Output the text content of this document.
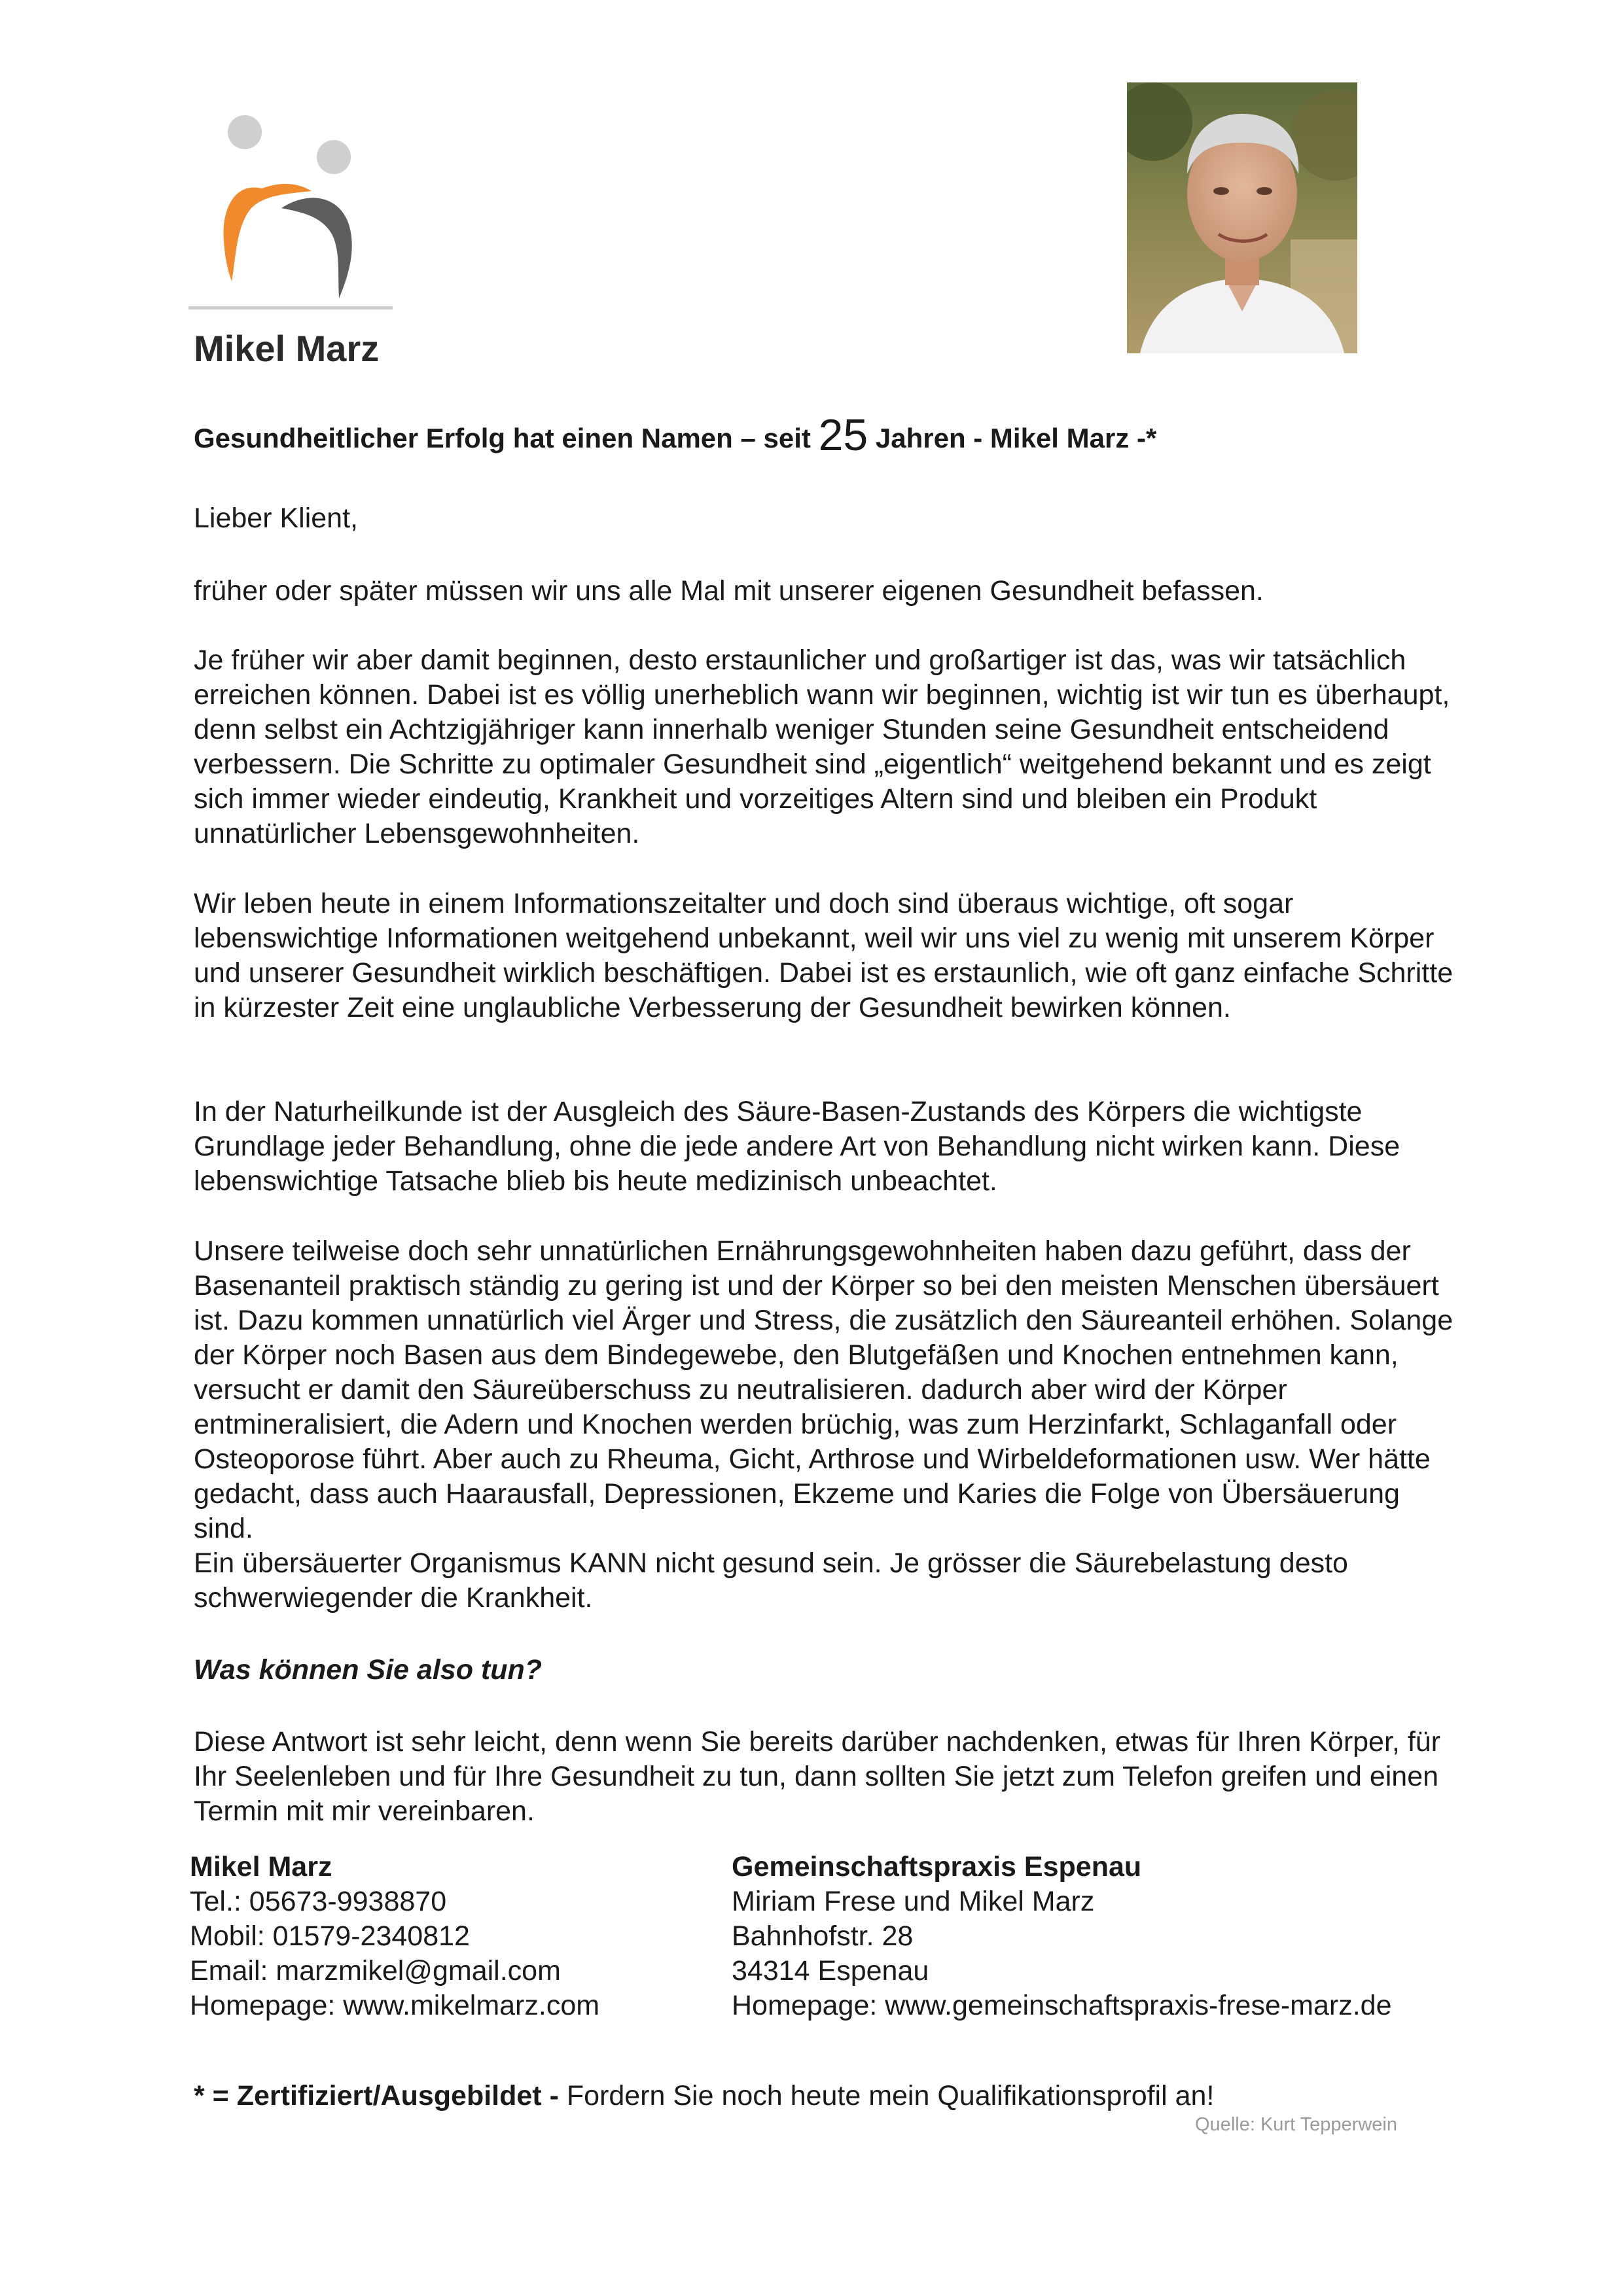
Mikel Marz
Gesundheitlicher Erfolg hat einen Namen – seit 25 Jahren - Mikel Marz -*
Lieber Klient,
früher oder später müssen wir uns alle Mal mit unserer eigenen Gesundheit befassen.
Je früher wir aber damit beginnen, desto erstaunlicher und großartiger ist das, was wir tatsächlich erreichen können. Dabei ist es völlig unerheblich wann wir beginnen, wichtig ist wir tun es überhaupt, denn selbst ein Achtzigjähriger kann innerhalb weniger Stunden seine Gesundheit entscheidend verbessern. Die Schritte zu optimaler Gesundheit sind „eigentlich“ weitgehend bekannt und es zeigt sich immer wieder eindeutig, Krankheit und vorzeitiges Altern sind und bleiben ein Produkt unnatürlicher Lebensgewohnheiten.
Wir leben heute in einem Informationszeitalter und doch sind überaus wichtige, oft sogar lebenswichtige Informationen weitgehend unbekannt, weil wir uns viel zu wenig mit unserem Körper und unserer Gesundheit wirklich beschäftigen. Dabei ist es erstaunlich, wie oft ganz einfache Schritte in kürzester Zeit eine unglaubliche Verbesserung der Gesundheit bewirken können.
In der Naturheilkunde ist der Ausgleich des Säure-Basen-Zustands des Körpers die wichtigste Grundlage jeder Behandlung, ohne die jede andere Art von Behandlung nicht wirken kann. Diese lebenswichtige Tatsache blieb bis heute medizinisch unbeachtet.

Unsere teilweise doch sehr unnatürlichen Ernährungsgewohnheiten haben dazu geführt, dass der Basenanteil praktisch ständig zu gering ist und der Körper so bei den meisten Menschen übersäuert ist. Dazu kommen unnatürlich viel Ärger und Stress, die zusätzlich den Säureanteil erhöhen. Solange der Körper noch Basen aus dem Bindegewebe, den Blutgefäßen und Knochen entnehmen kann, versucht er damit den Säureüberschuss zu neutralisieren. dadurch aber wird der Körper entmineralisiert, die Adern und Knochen werden brüchig, was zum Herzinfarkt, Schlaganfall oder Osteoporose führt. Aber auch zu Rheuma, Gicht, Arthrose und Wirbeldeformationen usw. Wer hätte gedacht, dass auch Haarausfall, Depressionen, Ekzeme und Karies die Folge von Übersäuerung sind.

Ein übersäuerter Organismus KANN nicht gesund sein. Je grösser die Säurebelastung desto schwerwiegender die Krankheit.

Was können Sie also tun?
Diese Antwort ist sehr leicht, denn wenn Sie bereits darüber nachdenken, etwas für Ihren Körper, für Ihr Seelenleben und für Ihre Gesundheit zu tun, dann sollten Sie jetzt zum Telefon greifen und einen Termin mit mir vereinbaren.
Mikel Marz
Tel.: 05673-9938870
Mobil: 01579-2340812
Email: marzmikel@gmail.com
Homepage: www.mikelmarz.com
Gemeinschaftspraxis Espenau
Miriam Frese und Mikel Marz
Bahnhofstr. 28
34314 Espenau
Homepage: www.gemeinschaftspraxis-frese-marz.de
* = Zertifiziert/Ausgebildet - Fordern Sie noch heute mein Qualifikationsprofil an!
Quelle: Kurt Tepperwein
